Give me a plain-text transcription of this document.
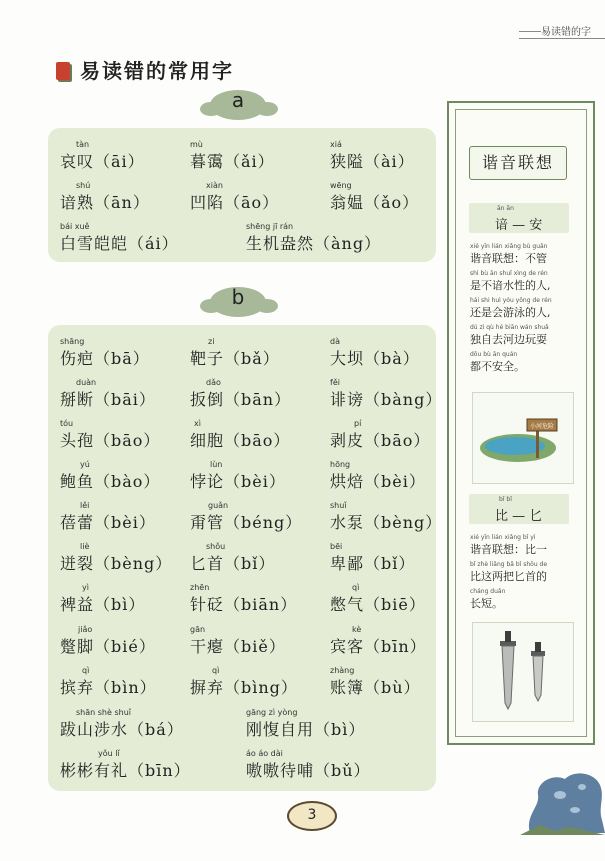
易读错的字
易读错的常用字
a
tàn
哀叹（āi）
mù
暮霭（ǎi）
xiá
狭隘（ài）
shú
谙熟（ān）
xiàn
凹陷（āo）
wēng
翁媪（ǎo）
bái xuě
白雪皑皑（ái）
shēng jī rán
生机盎然（àng）
b
shāng
伤疤（bā）
zi
靶子（bǎ）
dà
大坝（bà）
duàn
掰断（bāi）
dǎo
扳倒（bān）
fěi
诽谤（bàng）
tóu
头孢（bāo）
xì
细胞（bāo）
pí
剥皮（bāo）
yú
鲍鱼（bào）
lùn
悖论（bèi）
hōng
烘焙（bèi）
lěi
蓓蕾（bèi）
guǎn
甭管（béng）
shuǐ
水泵（bèng）
liè
迸裂（bèng）
shǒu
匕首（bǐ）
bēi
卑鄙（bǐ）
yì
裨益（bì）
zhēn
针砭（biān）
qì
憋气（biē）
jiǎo
蹩脚（bié）
gān
干瘪（biě）
kè
宾客（bīn）
qì
摈弃（bìn）
qì
摒弃（bìng）
zhàng
账簿（bù）
shān shè shuǐ
跋山涉水（bá）
gāng zì yòng
刚愎自用（bì）
yǒu lǐ
彬彬有礼（bīn）
áo áo dài
嗷嗷待哺（bǔ）
谐音联想
ān ān
谙 — 安
xié yīn lián xiǎng bù guǎn
谐音联想：不管
shì bù ān shuǐ xìng de rén
是不谙水性的人,
hái shi huì yóu yǒng de rén
还是会游泳的人,
dú zì qù hé biān wán shuǎ
独自去河边玩耍
dōu bù ān quán
都不安全。
小河危险
bǐ bǐ
比 — 匕
xié yīn lián xiǎng bǐ yì
谐音联想：比一
bǐ zhè liǎng bǎ bǐ shǒu de
比这两把匕首的
cháng duǎn
长短。
3
